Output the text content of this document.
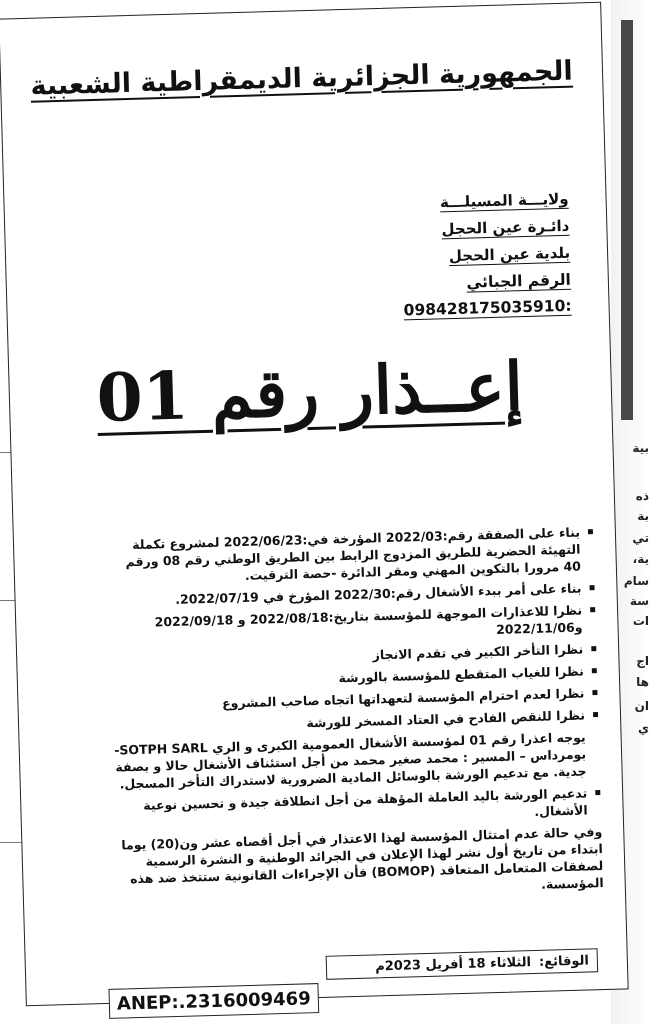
بية
ذه
بة
تي
ية،
سام
سة
ات
اج
ها
ان
ي
الجمهورية الجزائرية الديمقراطية الشعبية
ولايـــة المسيلـــة
دائـرة عين الحجل
بلدية عين الحجل
الرقم الجبائي :098428175035910
إعــذار رقم 01
▪ بناء على الصفقة رقم:2022/03 المؤرخة في:2022/06/23 لمشروع تكملة التهيئة الحضرية للطريق المزدوج الرابط بين الطريق الوطني رقم 08 ورقم 40 مرورا بالتكوين المهني ومقر الدائرة -حصة الترقيت.
▪ بناء على أمر ببدء الأشغال رقم:2022/30 المؤرخ في 2022/07/19.
▪ نظرا للاعذارات الموجهة للمؤسسة بتاريخ:2022/08/18 و 2022/09/18 و2022/11/06
▪ نظرا التأخر الكبير في تقدم الانجاز
▪ نظرا للغياب المتقطع للمؤسسة بالورشة
▪ نظرا لعدم احترام المؤسسة لتعهداتها اتجاه صاحب المشروع
▪ نظرا للنقص الفادح في العتاد المسخر للورشة
يوجه اعذرا رقم 01 لمؤسسة الأشغال العمومية الكبرى و الري SOTPH SARL- بومرداس – المسير : محمد صغير محمد من أجل استئناف الأشغال حالا و بصفة جدية. مع تدعيم الورشة بالوسائل المادية الضرورية لاستدراك التأخر المسجل.
▪ تدعيم الورشة باليد العاملة المؤهلة من أجل انطلاقة جيدة و تحسين نوعية الأشغال.

وفي حالة عدم امتثال المؤسسة لهذا الاعتذار في أجل أقصاه عشر ون(20) يوما ابتداء من تاريخ أول نشر لهذا الإعلان في الجرائد الوطنية و النشرة الرسمية لصفقات المتعامل المتعاقد (BOMOP) فأن الإجراءات القانونية ستتخذ ضد هذه المؤسسة.

الوقائع:
الثلاثاء 18 أفريل 2023م
ANEP:.2316009469
